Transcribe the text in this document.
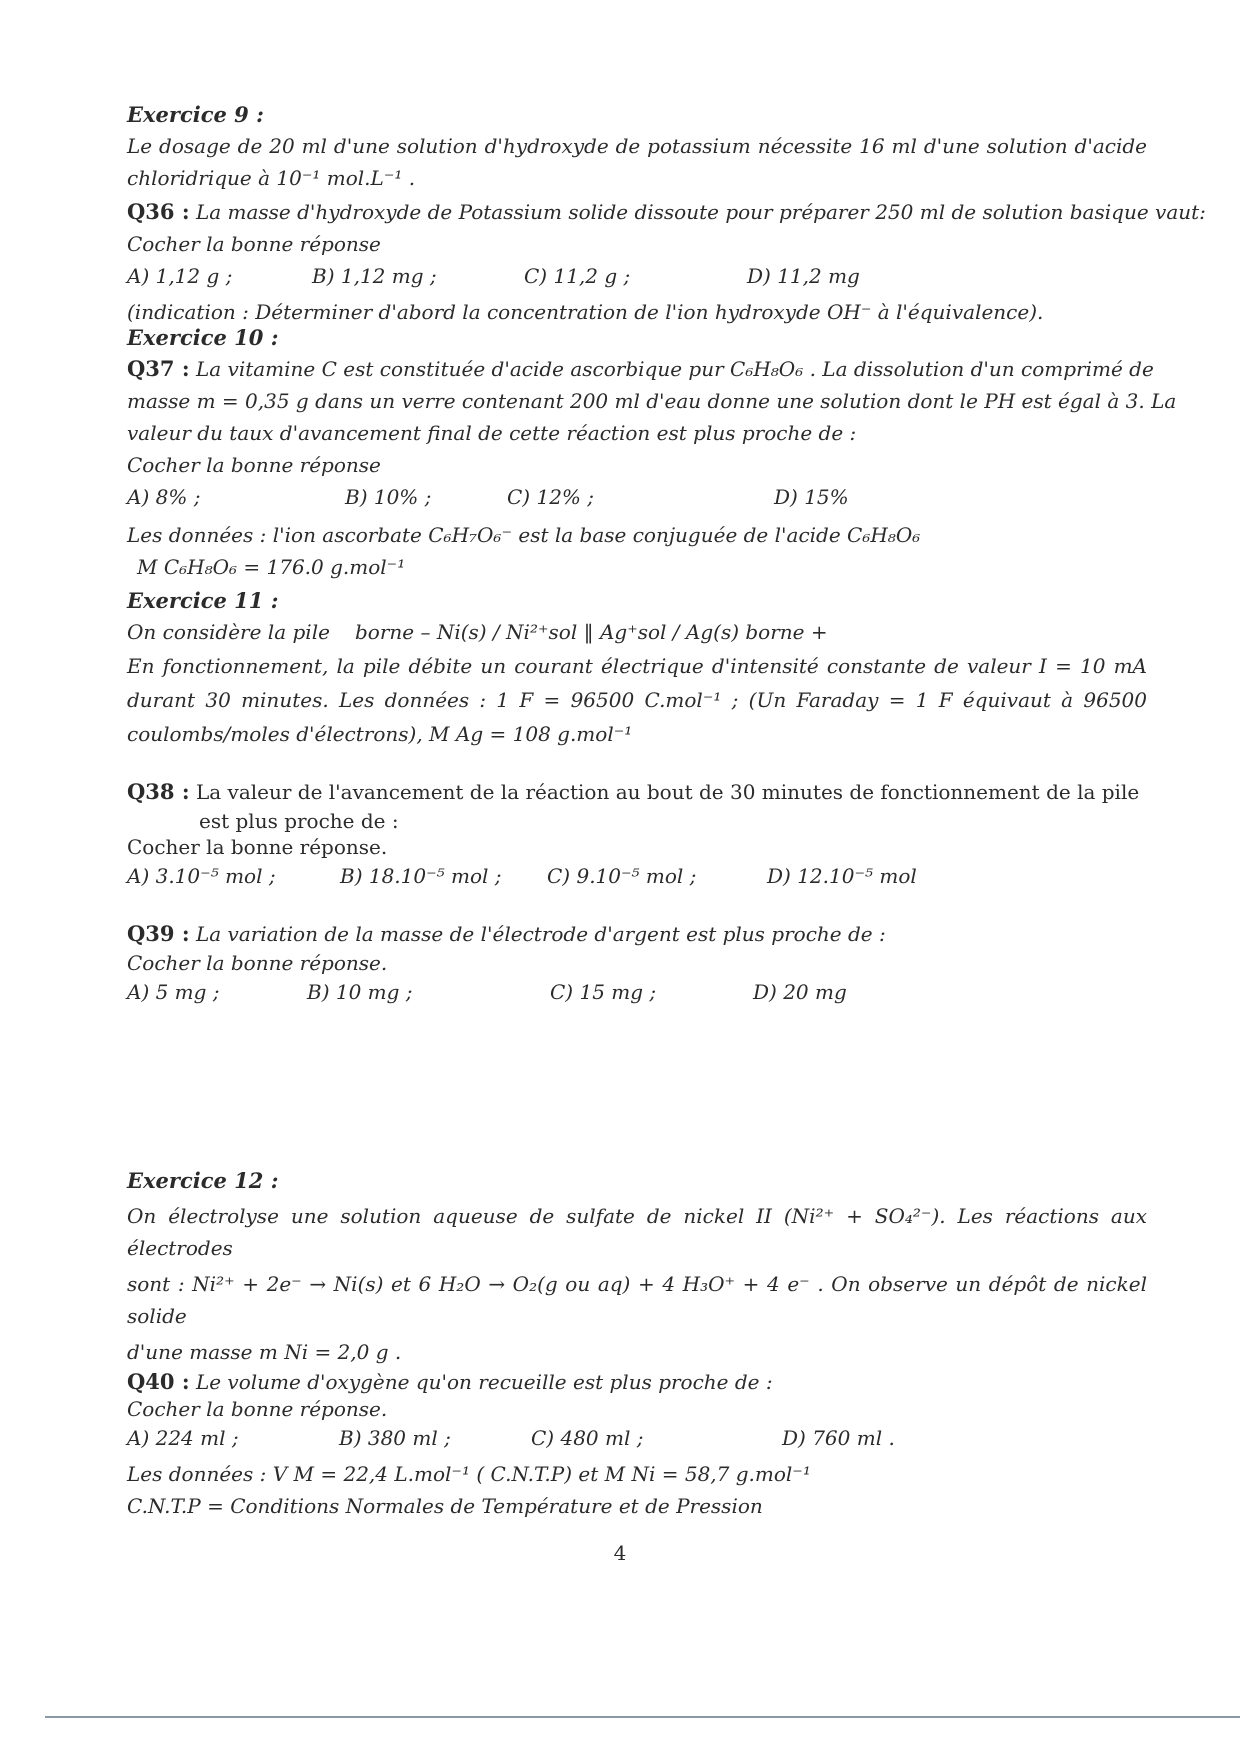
Exercice 9 :
Le dosage de 20 ml d'une solution d'hydroxyde de potassium nécessite 16 ml d'une solution d'acide
chloridrique à 10⁻¹ mol.L⁻¹ .
Q36 : La masse d'hydroxyde de Potassium solide dissoute pour préparer 250 ml de solution basique vaut:
Cocher la bonne réponse
A) 1,12 g ;	B) 1,12 mg ;	C) 11,2 g ;	D) 11,2 mg
(indication : Déterminer d'abord la concentration de l'ion hydroxyde OH⁻ à l'équivalence).
Exercice 10 :
Q37 : La vitamine C est constituée d'acide ascorbique pur C₆H₈O₆ . La dissolution d'un comprimé de
masse m = 0,35 g dans un verre contenant 200 ml d'eau donne une solution dont le PH est égal à 3. La
valeur du taux d'avancement final de cette réaction est plus proche de :
Cocher la bonne réponse
A) 8% ;	B) 10% ;	C) 12% ;	D) 15%
Les données : l'ion ascorbate C₆H₇O₆⁻ est la base conjuguée de l'acide C₆H₈O₆
M C₆H₈O₆ = 176.0 g.mol⁻¹
Exercice 11 :
On considère la pile borne – Ni(s) / Ni²⁺sol ‖ Ag⁺sol / Ag(s) borne +
En fonctionnement, la pile débite un courant électrique d'intensité constante de valeur I = 10 mA
durant 30 minutes. Les données : 1 F = 96500 C.mol⁻¹ ; (Un Faraday = 1 F équivaut à 96500
coulombs/moles d'électrons), M Ag = 108 g.mol⁻¹
Q38 : La valeur de l'avancement de la réaction au bout de 30 minutes de fonctionnement de la pile
est plus proche de :
Cocher la bonne réponse.
A) 3.10⁻⁵ mol ;	B) 18.10⁻⁵ mol ; C) 9.10⁻⁵ mol ;	D) 12.10⁻⁵ mol
Q39 : La variation de la masse de l'électrode d'argent est plus proche de :
Cocher la bonne réponse.
A) 5 mg ;	B) 10 mg ;	C) 15 mg ;	D) 20 mg
Exercice 12 :
On électrolyse une solution aqueuse de sulfate de nickel II (Ni²⁺ + SO₄²⁻). Les réactions aux électrodes
sont : Ni²⁺ + 2e⁻ → Ni(s) et 6 H₂O → O₂(g ou aq) + 4 H₃O⁺ + 4 e⁻ . On observe un dépôt de nickel solide
d'une masse m Ni = 2,0 g .
Q40 : Le volume d'oxygène qu'on recueille est plus proche de :
Cocher la bonne réponse.
A) 224 ml ;	B) 380 ml ;	C) 480 ml ;	D) 760 ml .
Les données : V M = 22,4 L.mol⁻¹ ( C.N.T.P) et M Ni = 58,7 g.mol⁻¹
C.N.T.P = Conditions Normales de Température et de Pression
4
